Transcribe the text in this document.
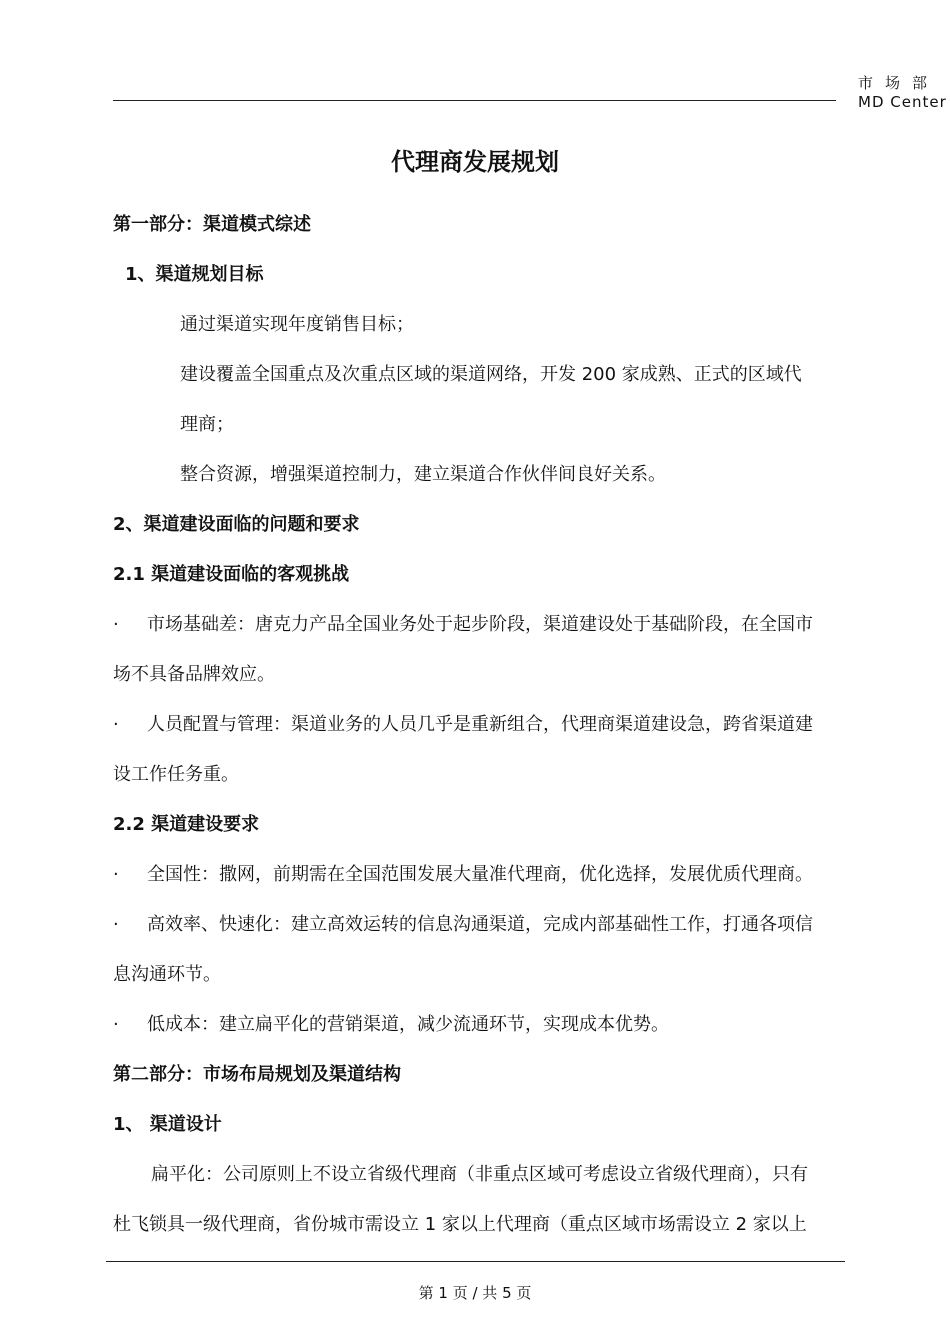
市场部
MD Center
代理商发展规划
第一部分：渠道模式综述
1、渠道规划目标
通过渠道实现年度销售目标；
建设覆盖全国重点及次重点区域的渠道网络，开发 200 家成熟、正式的区域代
理商；
整合资源，增强渠道控制力，建立渠道合作伙伴间良好关系。
2、渠道建设面临的问题和要求
2.1 渠道建设面临的客观挑战
· 市场基础差：唐克力产品全国业务处于起步阶段，渠道建设处于基础阶段，在全国市
场不具备品牌效应。
· 人员配置与管理：渠道业务的人员几乎是重新组合，代理商渠道建设急，跨省渠道建
设工作任务重。
2.2 渠道建设要求
· 全国性：撒网，前期需在全国范围发展大量准代理商，优化选择，发展优质代理商。
· 高效率、快速化：建立高效运转的信息沟通渠道，完成内部基础性工作，打通各项信
息沟通环节。
· 低成本：建立扁平化的营销渠道，减少流通环节，实现成本优势。
第二部分：市场布局规划及渠道结构
1、 渠道设计
扁平化：公司原则上不设立省级代理商（非重点区域可考虑设立省级代理商），只有
杜飞锁具一级代理商，省份城市需设立 1 家以上代理商（重点区域市场需设立 2 家以上
第 1 页 / 共 5 页
